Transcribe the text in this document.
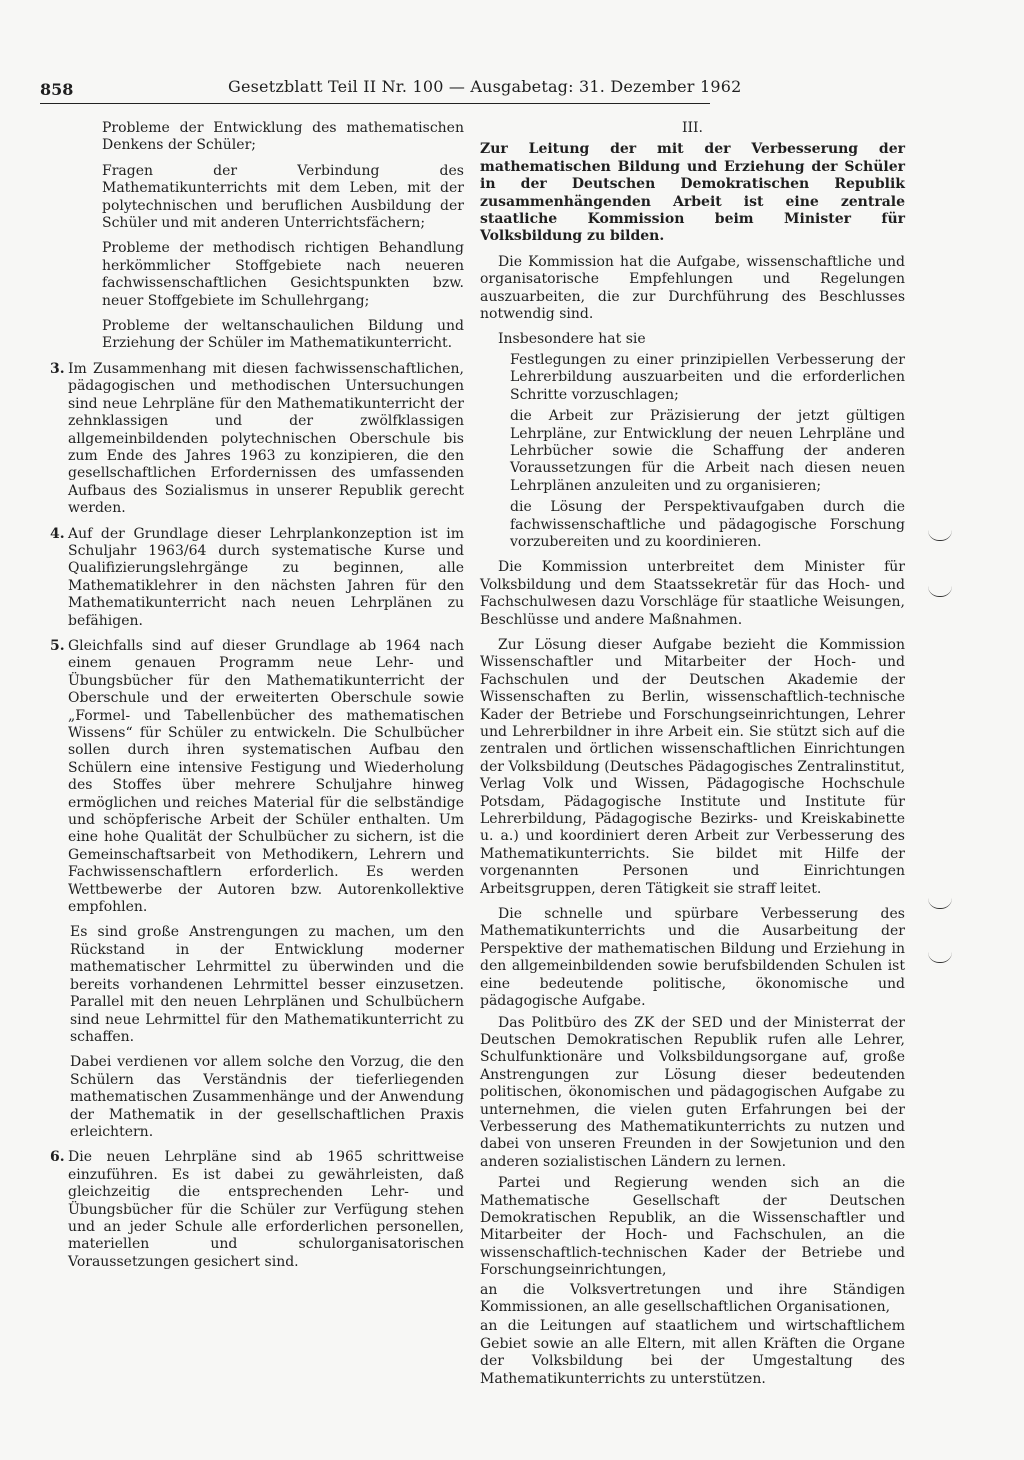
858	Gesetzblatt Teil II Nr. 100 — Ausgabetag: 31. Dezember 1962

Probleme der Entwicklung des mathematischen Denkens der Schüler;

Fragen der Verbindung des Mathematikunterrichts mit dem Leben, mit der polytechnischen und beruflichen Ausbildung der Schüler und mit anderen Unterrichtsfächern;

Probleme der methodisch richtigen Behandlung herkömmlicher Stoffgebiete nach neueren fachwissenschaftlichen Gesichtspunkten bzw. neuer Stoffgebiete im Schullehrgang;

Probleme der weltanschaulichen Bildung und Erziehung der Schüler im Mathematikunterricht.

3. Im Zusammenhang mit diesen fachwissenschaftlichen, pädagogischen und methodischen Untersuchungen sind neue Lehrpläne für den Mathematikunterricht der zehnklassigen und der zwölfklassigen allgemeinbildenden polytechnischen Oberschule bis zum Ende des Jahres 1963 zu konzipieren, die den gesellschaftlichen Erfordernissen des umfassenden Aufbaus des Sozialismus in unserer Republik gerecht werden.
4. Auf der Grundlage dieser Lehrplankonzeption ist im Schuljahr 1963/64 durch systematische Kurse und Qualifizierungslehrgänge zu beginnen, alle Mathematiklehrer in den nächsten Jahren für den Mathematikunterricht nach neuen Lehrplänen zu befähigen.
5. Gleichfalls sind auf dieser Grundlage ab 1964 nach einem genauen Programm neue Lehr- und Übungsbücher für den Mathematikunterricht der Oberschule und der erweiterten Oberschule sowie „Formel- und Tabellenbücher des mathematischen Wissens“ für Schüler zu entwickeln. Die Schulbücher sollen durch ihren systematischen Aufbau den Schülern eine intensive Festigung und Wiederholung des Stoffes über mehrere Schuljahre hinweg ermöglichen und reiches Material für die selbständige und schöpferische Arbeit der Schüler enthalten. Um eine hohe Qualität der Schulbücher zu sichern, ist die Gemeinschaftsarbeit von Methodikern, Lehrern und Fachwissenschaftlern erforderlich. Es werden Wettbewerbe der Autoren bzw. Autorenkollektive empfohlen.

Es sind große Anstrengungen zu machen, um den Rückstand in der Entwicklung moderner mathematischer Lehrmittel zu überwinden und die bereits vorhandenen Lehrmittel besser einzusetzen. Parallel mit den neuen Lehrplänen und Schulbüchern sind neue Lehrmittel für den Mathematikunterricht zu schaffen.

Dabei verdienen vor allem solche den Vorzug, die den Schülern das Verständnis der tieferliegenden mathematischen Zusammenhänge und der Anwendung der Mathematik in der gesellschaftlichen Praxis erleichtern.

6. Die neuen Lehrpläne sind ab 1965 schrittweise einzuführen. Es ist dabei zu gewährleisten, daß gleichzeitig die entsprechenden Lehr- und Übungsbücher für die Schüler zur Verfügung stehen und an jeder Schule alle erforderlichen personellen, materiellen und schulorganisatorischen Voraussetzungen gesichert sind.
III.
Zur Leitung der mit der Verbesserung der mathematischen Bildung und Erziehung der Schüler in der Deutschen Demokratischen Republik zusammenhängenden Arbeit ist eine zentrale staatliche Kommission beim Minister für Volksbildung zu bilden.

Die Kommission hat die Aufgabe, wissenschaftliche und organisatorische Empfehlungen und Regelungen auszuarbeiten, die zur Durchführung des Beschlusses notwendig sind.

Insbesondere hat sie

Festlegungen zu einer prinzipiellen Verbesserung der Lehrerbildung auszuarbeiten und die erforderlichen Schritte vorzuschlagen;

die Arbeit zur Präzisierung der jetzt gültigen Lehrpläne, zur Entwicklung der neuen Lehrpläne und Lehrbücher sowie die Schaffung der anderen Voraussetzungen für die Arbeit nach diesen neuen Lehrplänen anzuleiten und zu organisieren;

die Lösung der Perspektivaufgaben durch die fachwissenschaftliche und pädagogische Forschung vorzubereiten und zu koordinieren.

Die Kommission unterbreitet dem Minister für Volksbildung und dem Staatssekretär für das Hoch- und Fachschulwesen dazu Vorschläge für staatliche Weisungen, Beschlüsse und andere Maßnahmen.

Zur Lösung dieser Aufgabe bezieht die Kommission Wissenschaftler und Mitarbeiter der Hoch- und Fachschulen und der Deutschen Akademie der Wissenschaften zu Berlin, wissenschaftlich-technische Kader der Betriebe und Forschungseinrichtungen, Lehrer und Lehrerbildner in ihre Arbeit ein. Sie stützt sich auf die zentralen und örtlichen wissenschaftlichen Einrichtungen der Volksbildung (Deutsches Pädagogisches Zentralinstitut, Verlag Volk und Wissen, Pädagogische Hochschule Potsdam, Pädagogische Institute und Institute für Lehrerbildung, Pädagogische Bezirks- und Kreiskabinette u. a.) und koordiniert deren Arbeit zur Verbesserung des Mathematikunterrichts. Sie bildet mit Hilfe der vorgenannten Personen und Einrichtungen Arbeitsgruppen, deren Tätigkeit sie straff leitet.

Die schnelle und spürbare Verbesserung des Mathematikunterrichts und die Ausarbeitung der Perspektive der mathematischen Bildung und Erziehung in den allgemeinbildenden sowie berufsbildenden Schulen ist eine bedeutende politische, ökonomische und pädagogische Aufgabe.

Das Politbüro des ZK der SED und der Ministerrat der Deutschen Demokratischen Republik rufen alle Lehrer, Schulfunktionäre und Volksbildungsorgane auf, große Anstrengungen zur Lösung dieser bedeutenden politischen, ökonomischen und pädagogischen Aufgabe zu unternehmen, die vielen guten Erfahrungen bei der Verbesserung des Mathematikunterrichts zu nutzen und dabei von unseren Freunden in der Sowjetunion und den anderen sozialistischen Ländern zu lernen.

Partei und Regierung wenden sich an die Mathematische Gesellschaft der Deutschen Demokratischen Republik, an die Wissenschaftler und Mitarbeiter der Hoch- und Fachschulen, an die wissenschaftlich-technischen Kader der Betriebe und Forschungseinrichtungen,

an die Volksvertretungen und ihre Ständigen Kommissionen, an alle gesellschaftlichen Organisationen,

an die Leitungen auf staatlichem und wirtschaftlichem Gebiet sowie an alle Eltern, mit allen Kräften die Organe der Volksbildung bei der Umgestaltung des Mathematikunterrichts zu unterstützen.
